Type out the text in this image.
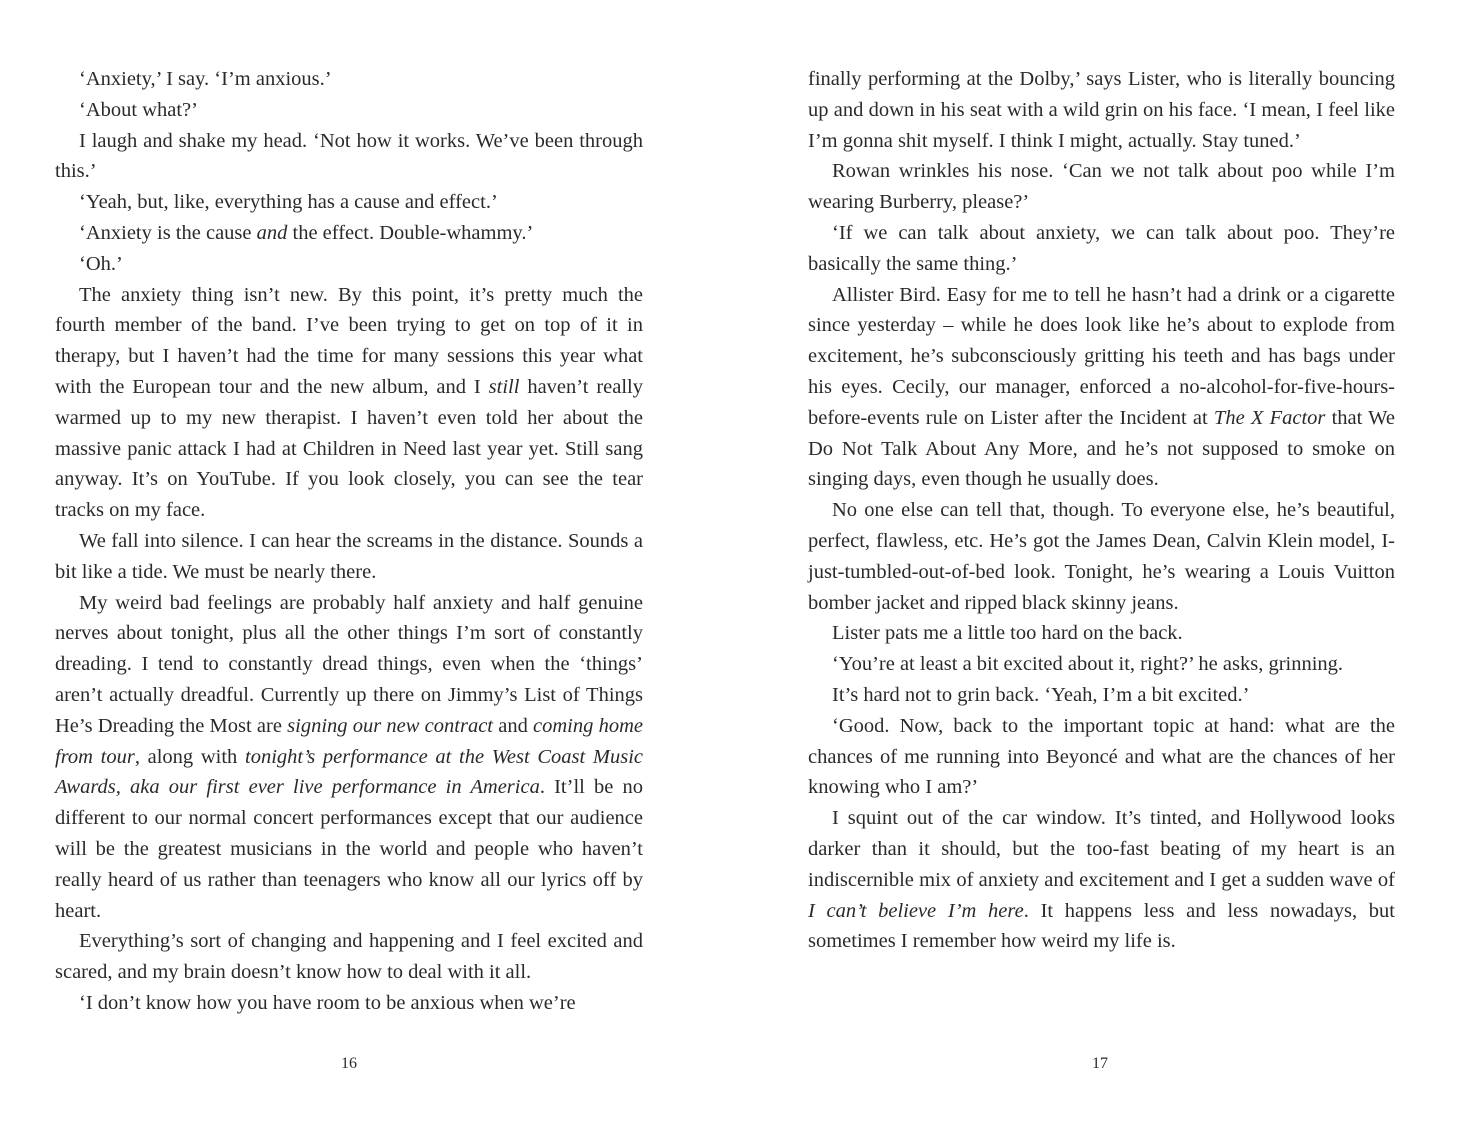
‘Anxiety,’ I say. ‘I’m anxious.’

‘About what?’

I laugh and shake my head. ‘Not how it works. We’ve been through this.’

‘Yeah, but, like, everything has a cause and effect.’

‘Anxiety is the cause and the effect. Double-whammy.’

‘Oh.’

The anxiety thing isn’t new. By this point, it’s pretty much the fourth member of the band. I’ve been trying to get on top of it in therapy, but I haven’t had the time for many sessions this year what with the European tour and the new album, and I still haven’t really warmed up to my new therapist. I haven’t even told her about the massive panic attack I had at Children in Need last year yet. Still sang anyway. It’s on YouTube. If you look closely, you can see the tear tracks on my face.

We fall into silence. I can hear the screams in the distance. Sounds a bit like a tide. We must be nearly there.

My weird bad feelings are probably half anxiety and half genuine nerves about tonight, plus all the other things I’m sort of constantly dreading. I tend to constantly dread things, even when the ‘things’ aren’t actually dreadful. Currently up there on Jimmy’s List of Things He’s Dreading the Most are signing our new contract and coming home from tour, along with tonight’s performance at the West Coast Music Awards, aka our first ever live performance in America. It’ll be no different to our normal concert performances except that our audience will be the greatest musicians in the world and people who haven’t really heard of us rather than teenagers who know all our lyrics off by heart.

Everything’s sort of changing and happening and I feel excited and scared, and my brain doesn’t know how to deal with it all.

‘I don’t know how you have room to be anxious when we’re

16

finally performing at the Dolby,’ says Lister, who is literally bouncing up and down in his seat with a wild grin on his face. ‘I mean, I feel like I’m gonna shit myself. I think I might, actually. Stay tuned.’

Rowan wrinkles his nose. ‘Can we not talk about poo while I’m wearing Burberry, please?’

‘If we can talk about anxiety, we can talk about poo. They’re basically the same thing.’

Allister Bird. Easy for me to tell he hasn’t had a drink or a cigarette since yesterday – while he does look like he’s about to explode from excitement, he’s subconsciously gritting his teeth and has bags under his eyes. Cecily, our manager, enforced a no-alcohol-for-five-hours-before-events rule on Lister after the Incident at The X Factor that We Do Not Talk About Any More, and he’s not supposed to smoke on singing days, even though he usually does.

No one else can tell that, though. To everyone else, he’s beautiful, perfect, flawless, etc. He’s got the James Dean, Calvin Klein model, I-just-tumbled-out-of-bed look. Tonight, he’s wearing a Louis Vuitton bomber jacket and ripped black skinny jeans.

Lister pats me a little too hard on the back.

‘You’re at least a bit excited about it, right?’ he asks, grinning.

It’s hard not to grin back. ‘Yeah, I’m a bit excited.’

‘Good. Now, back to the important topic at hand: what are the chances of me running into Beyoncé and what are the chances of her knowing who I am?’

I squint out of the car window. It’s tinted, and Hollywood looks darker than it should, but the too-fast beating of my heart is an indiscernible mix of anxiety and excitement and I get a sudden wave of I can’t believe I’m here. It happens less and less nowadays, but sometimes I remember how weird my life is.

17
